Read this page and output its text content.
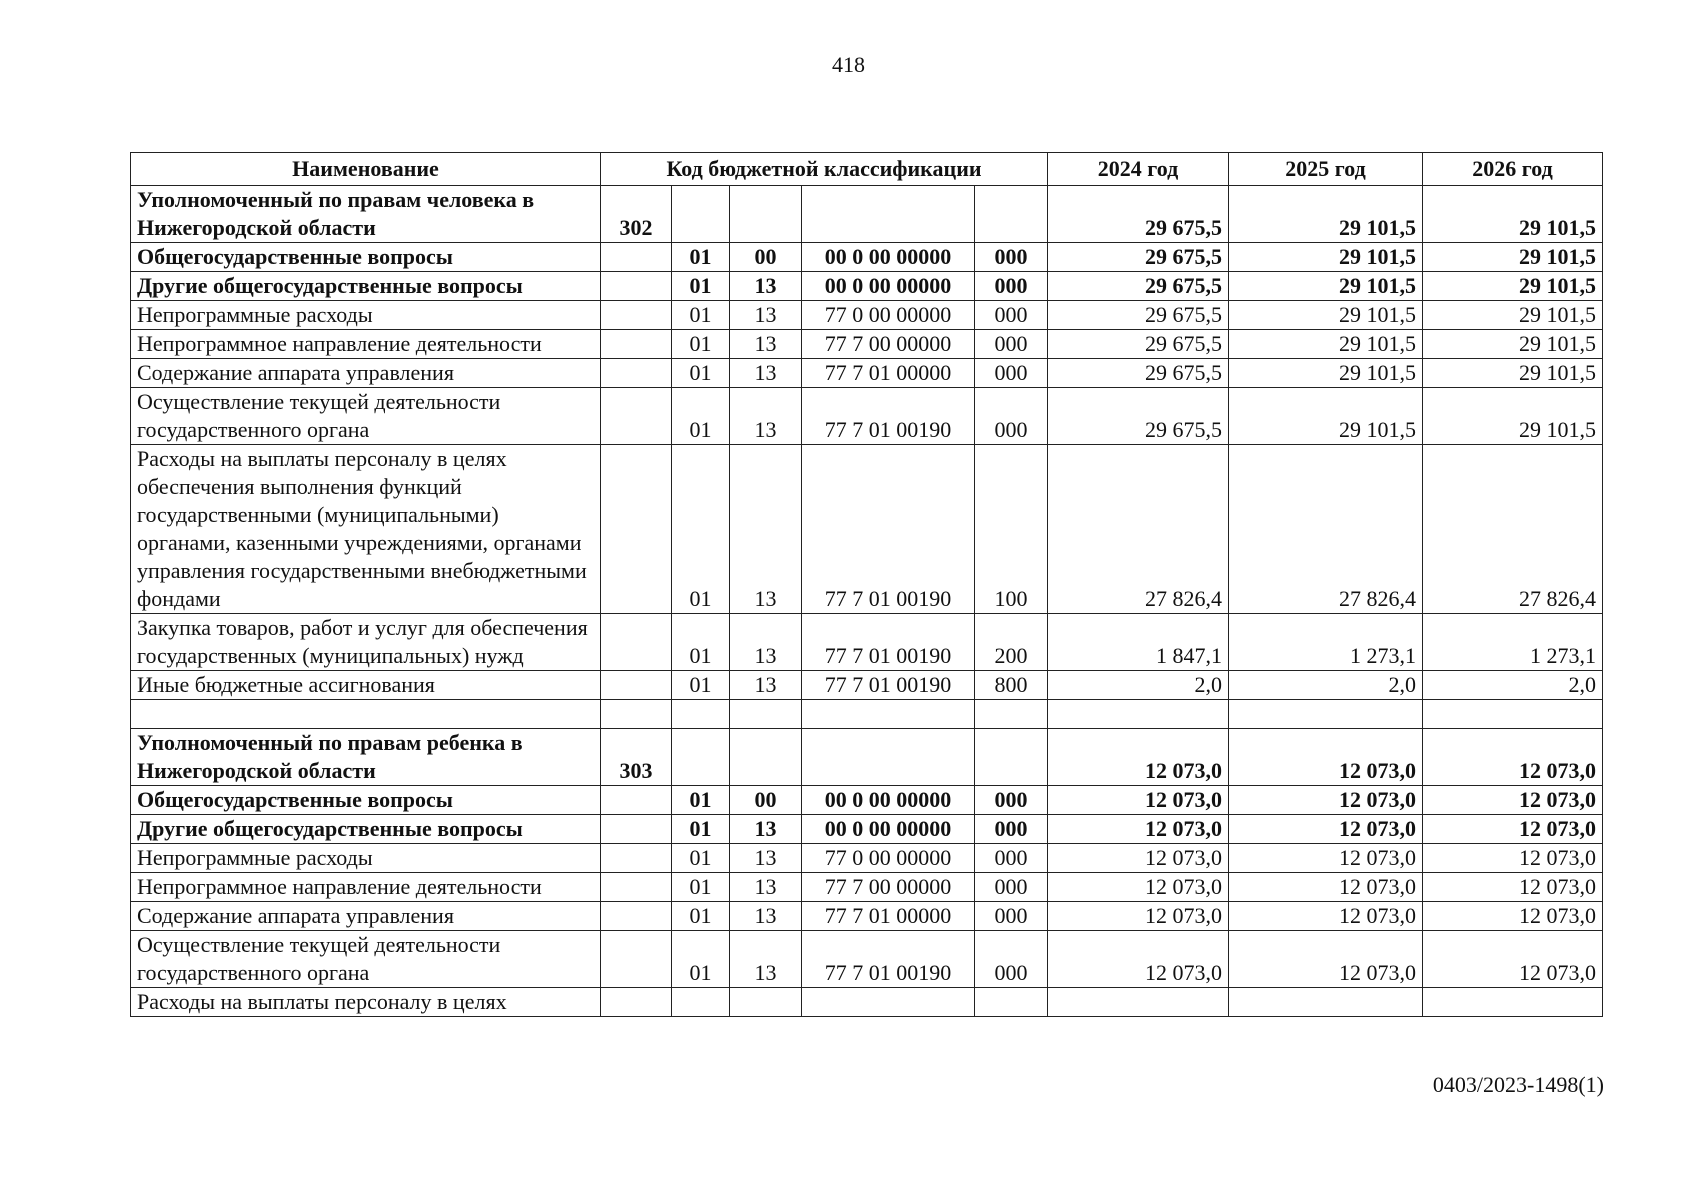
418
Наименование	Код бюджетной классификации					2024 год	2025 год	2026 год
Уполномоченный по правам человека в Нижегородской области	302					29 675,5	29 101,5	29 101,5
Общегосударственные вопросы		01	00	00 0 00 00000	000	29 675,5	29 101,5	29 101,5
Другие общегосударственные вопросы		01	13	00 0 00 00000	000	29 675,5	29 101,5	29 101,5
Непрограммные расходы		01	13	77 0 00 00000	000	29 675,5	29 101,5	29 101,5
Непрограммное направление деятельности		01	13	77 7 00 00000	000	29 675,5	29 101,5	29 101,5
Содержание аппарата управления		01	13	77 7 01 00000	000	29 675,5	29 101,5	29 101,5
Осуществление текущей деятельности государственного органа		01	13	77 7 01 00190	000	29 675,5	29 101,5	29 101,5
Расходы на выплаты персоналу в целях обеспечения выполнения функций государственными (муниципальными) органами, казенными учреждениями, органами управления государственными внебюджетными фондами		01	13	77 7 01 00190	100	27 826,4	27 826,4	27 826,4
Закупка товаров, работ и услуг для обеспечения государственных (муниципальных) нужд		01	13	77 7 01 00190	200	1 847,1	1 273,1	1 273,1
Иные бюджетные ассигнования		01	13	77 7 01 00190	800	2,0	2,0	2,0

Уполномоченный по правам ребенка в Нижегородской области	303					12 073,0	12 073,0	12 073,0
Общегосударственные вопросы		01	00	00 0 00 00000	000	12 073,0	12 073,0	12 073,0
Другие общегосударственные вопросы		01	13	00 0 00 00000	000	12 073,0	12 073,0	12 073,0
Непрограммные расходы		01	13	77 0 00 00000	000	12 073,0	12 073,0	12 073,0
Непрограммное направление деятельности		01	13	77 7 00 00000	000	12 073,0	12 073,0	12 073,0
Содержание аппарата управления		01	13	77 7 01 00000	000	12 073,0	12 073,0	12 073,0
Осуществление текущей деятельности государственного органа		01	13	77 7 01 00190	000	12 073,0	12 073,0	12 073,0
Расходы на выплаты персоналу в целях								
0403/2023-1498(1)
